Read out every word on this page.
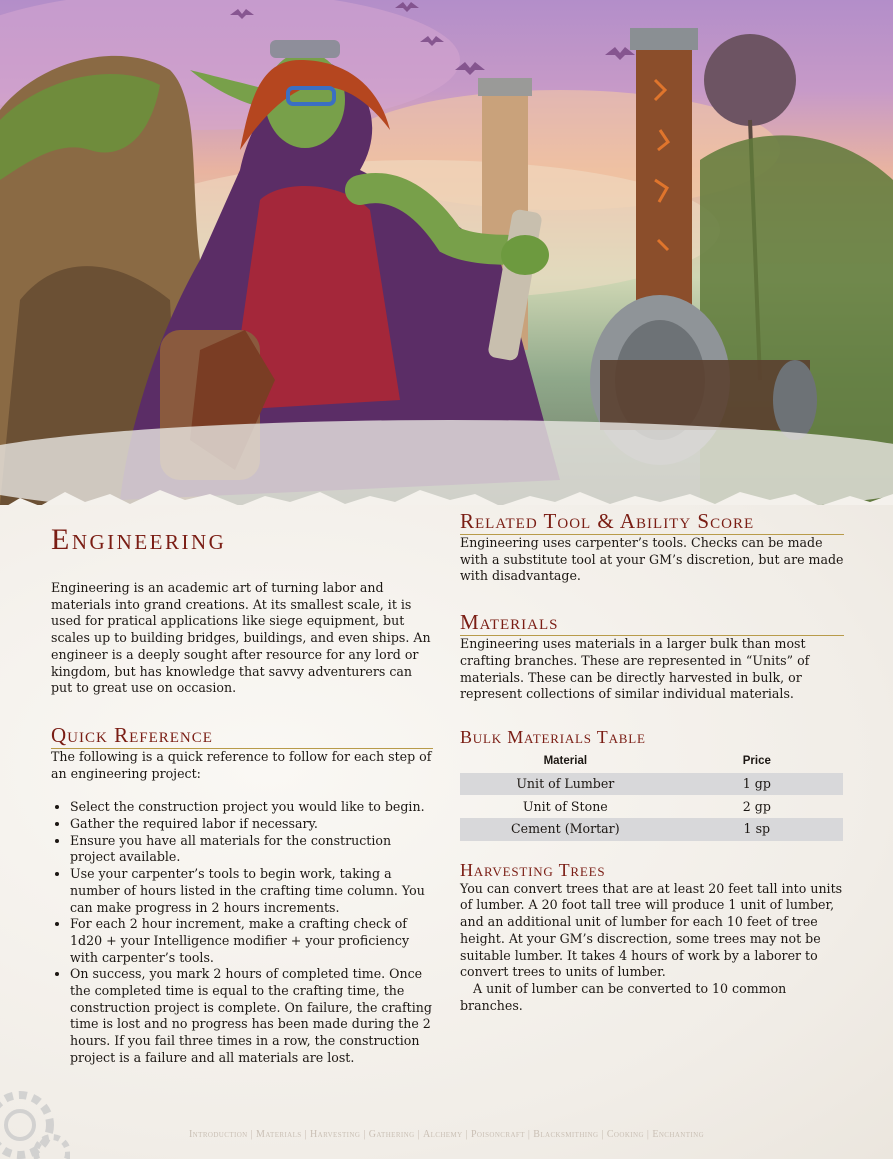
Engineering

Engineering is an academic art of turning labor and materials into grand creations. At its smallest scale, it is used for pratical applications like siege equipment, but scales up to building bridges, buildings, and even ships. An engineer is a deeply sought after resource for any lord or kingdom, but has knowledge that savvy adventurers can put to great use on occasion.

Quick Reference

The following is a quick reference to follow for each step of an engineering project:

• Select the construction project you would like to begin.
• Gather the required labor if necessary.
• Ensure you have all materials for the construction project available.
• Use your carpenter’s tools to begin work, taking a number of hours listed in the crafting time column. You can make progress in 2 hours increments.
• For each 2 hour increment, make a crafting check of 1d20 + your Intelligence modifier + your proficiency with carpenter’s tools.
• On success, you mark 2 hours of completed time. Once the completed time is equal to the crafting time, the construction project is complete. On failure, the crafting time is lost and no progress has been made during the 2 hours. If you fail three times in a row, the construction project is a failure and all materials are lost.
Related Tool & Ability Score

Engineering uses carpenter’s tools. Checks can be made with a substitute tool at your GM’s discretion, but are made with disadvantage.

Materials

Engineering uses materials in a larger bulk than most crafting branches. These are represented in “Units” of materials. These can be directly harvested in bulk, or represent collections of similar individual materials.

Bulk Materials Table
Material	Price
Unit of Lumber	1 gp
Unit of Stone	2 gp
Cement (Mortar)	1 sp
Harvesting Trees

You can convert trees that are at least 20 feet tall into units of lumber. A 20 foot tall tree will produce 1 unit of lumber, and an additional unit of lumber for each 10 feet of tree height. At your GM’s discrection, some trees may not be suitable lumber. It takes 4 hours of work by a laborer to convert trees to units of lumber.

A unit of lumber can be converted to 10 common branches.

Introduction | Materials | Harvesting | Gathering | Alchemy | Poisoncraft | Blacksmithing | Cooking | Enchanting
